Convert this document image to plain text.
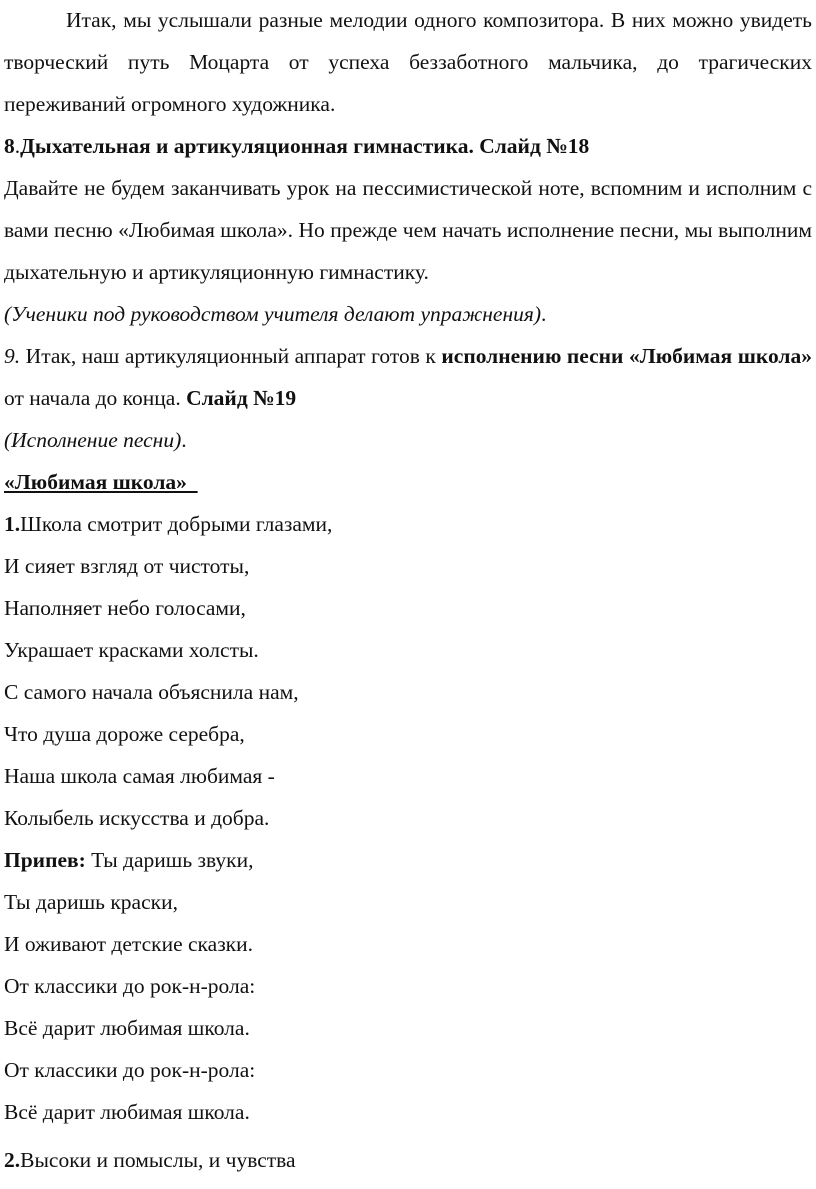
Итак, мы услышали разные мелодии одного композитора. В них можно увидеть творческий путь Моцарта от успеха беззаботного мальчика, до трагических переживаний огромного художника.

8.Дыхательная и артикуляционная гимнастика. Слайд №18

Давайте не будем заканчивать урок на пессимистической ноте, вспомним и исполним с вами песню «Любимая школа». Но прежде чем начать исполнение песни, мы выполним дыхательную и артикуляционную гимнастику.

(Ученики под руководством учителя делают упражнения).

9. Итак, наш артикуляционный аппарат готов к исполнению песни «Любимая школа» от начала до конца. Слайд №19

(Исполнение песни).

«Любимая школа»

1.Школа смотрит добрыми глазами,

И сияет взгляд от чистоты,

Наполняет небо голосами,

Украшает красками холсты.

С самого начала объяснила нам,

Что душа дороже серебра,

Наша школа самая любимая -

Колыбель искусства и добра.

Припев: Ты даришь звуки,

Ты даришь краски,

И оживают детские сказки.

От классики до рок-н-рола:

Всё дарит любимая школа.

От классики до рок-н-рола:

Всё дарит любимая школа.

2.Высоки и помыслы, и чувства
